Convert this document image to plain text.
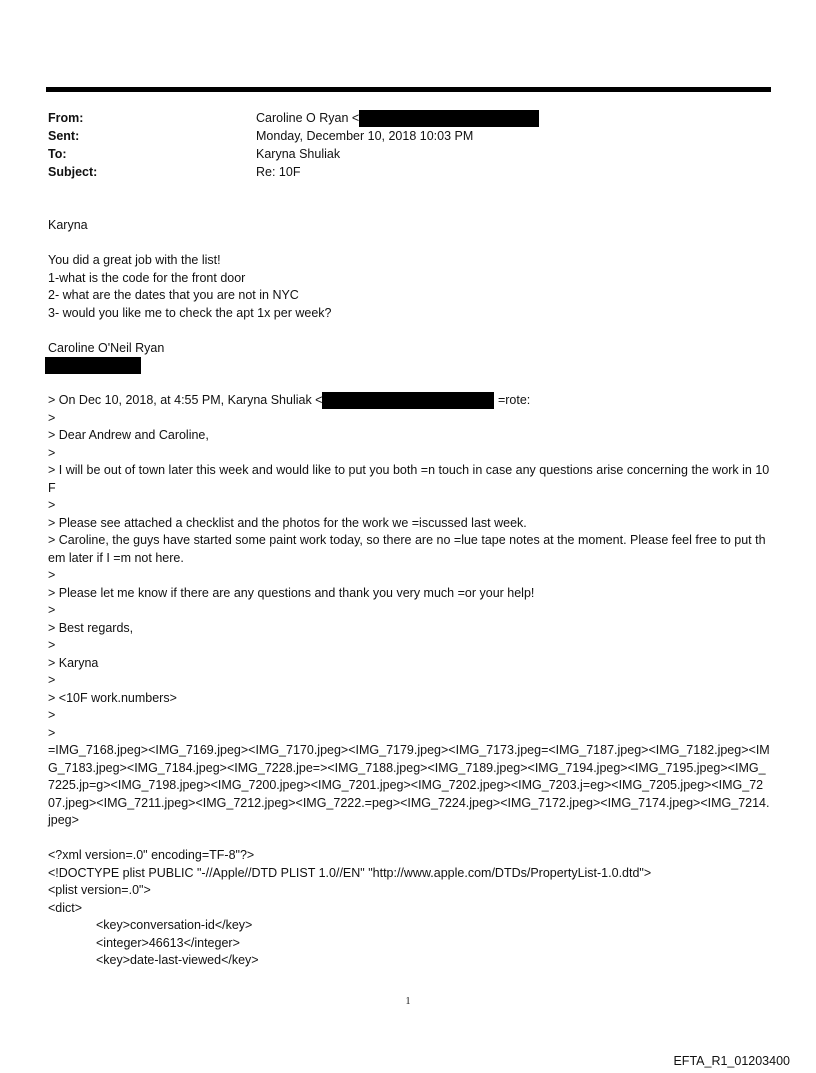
From:	Caroline O Ryan <
Sent:	Monday, December 10, 2018 10:03 PM
To:	Karyna Shuliak
Subject:	Re: 10F
Karyna
You did a great job with the list!
1-what is the code for the front door
2- what are the dates that you are not in NYC
3- would you like me to check the apt 1x per week?
Caroline O'Neil Ryan
> On Dec 10, 2018, at 4:55 PM, Karyna Shuliak <	=rote:
>
> Dear Andrew and Caroline,
>
> I will be out of town later this week and would like to put you both =n touch in case any questions arise concerning the work in 10F
>
> Please see attached a checklist and the photos for the work we =iscussed last week.
> Caroline, the guys have started some paint work today, so there are no =lue tape notes at the moment. Please feel free to put them later if I =m not here.
>
> Please let me know if there are any questions and thank you very much =or your help!
>
> Best regards,
>
> Karyna
>
> <10F work.numbers>
>
>
=IMG_7168.jpeg><IMG_7169.jpeg><IMG_7170.jpeg><IMG_7179.jpeg><IMG_7173.jpeg=<IMG_7187.jpeg><IMG_7182.jpeg><IMG_7183.jpeg><IMG_7184.jpeg><IMG_7228.jpe=><IMG_7188.jpeg><IMG_7189.jpeg><IMG_7194.jpeg><IMG_7195.jpeg><IMG_7225.jp=g><IMG_7198.jpeg><IMG_7200.jpeg><IMG_7201.jpeg><IMG_7202.jpeg><IMG_7203.j=eg><IMG_7205.jpeg><IMG_7207.jpeg><IMG_7211.jpeg><IMG_7212.jpeg><IMG_7222.=peg><IMG_7224.jpeg><IMG_7172.jpeg><IMG_7174.jpeg><IMG_7214.jpeg>
<?xml version=.0" encoding=TF-8"?>
<!DOCTYPE plist PUBLIC "-//Apple//DTD PLIST 1.0//EN" "http://www.apple.com/DTDs/PropertyList-1.0.dtd">
<plist version=.0">
<dict>
<key>conversation-id</key>
<integer>46613</integer>
<key>date-last-viewed</key>
1
EFTA_R1_01203400
